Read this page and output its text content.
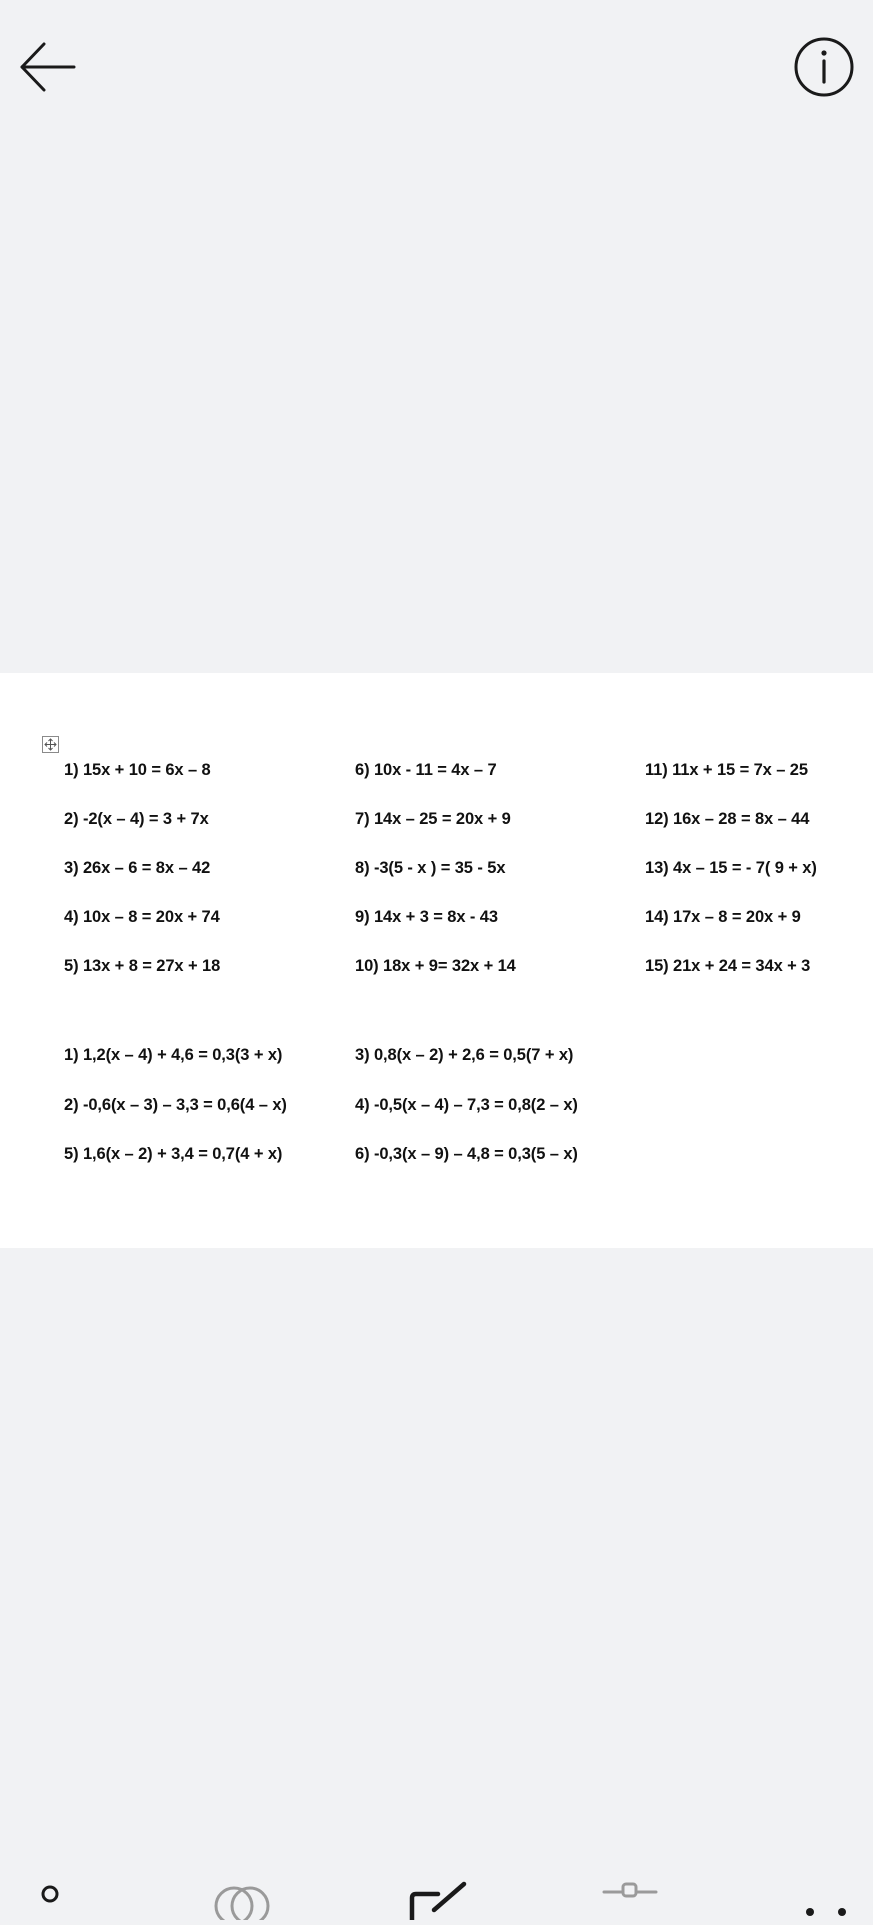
1) 15x + 10 = 6x – 8
2) -2(x – 4) = 3 + 7x
3) 26x – 6 = 8x – 42
4) 10x – 8 = 20x + 74
5) 13x + 8 = 27x + 18
6) 10x - 11 = 4x – 7
7) 14x – 25 = 20x + 9
8) -3(5 - x ) = 35 - 5x
9) 14x + 3 = 8x - 43
10) 18x + 9= 32x + 14
11) 11x + 15 = 7x – 25
12) 16x – 28 = 8x – 44
13) 4x – 15 = - 7( 9 + x)
14) 17x – 8 = 20x + 9
15) 21x + 24 = 34x + 3
1) 1,2(x – 4) + 4,6 = 0,3(3 + x)
2) -0,6(x – 3) – 3,3 = 0,6(4 – x)
5) 1,6(x – 2) + 3,4 = 0,7(4 + x)
3) 0,8(x – 2) + 2,6 = 0,5(7 + x)
4) -0,5(x – 4) – 7,3 = 0,8(2 – x)
6) -0,3(x – 9) – 4,8 = 0,3(5 – x)
